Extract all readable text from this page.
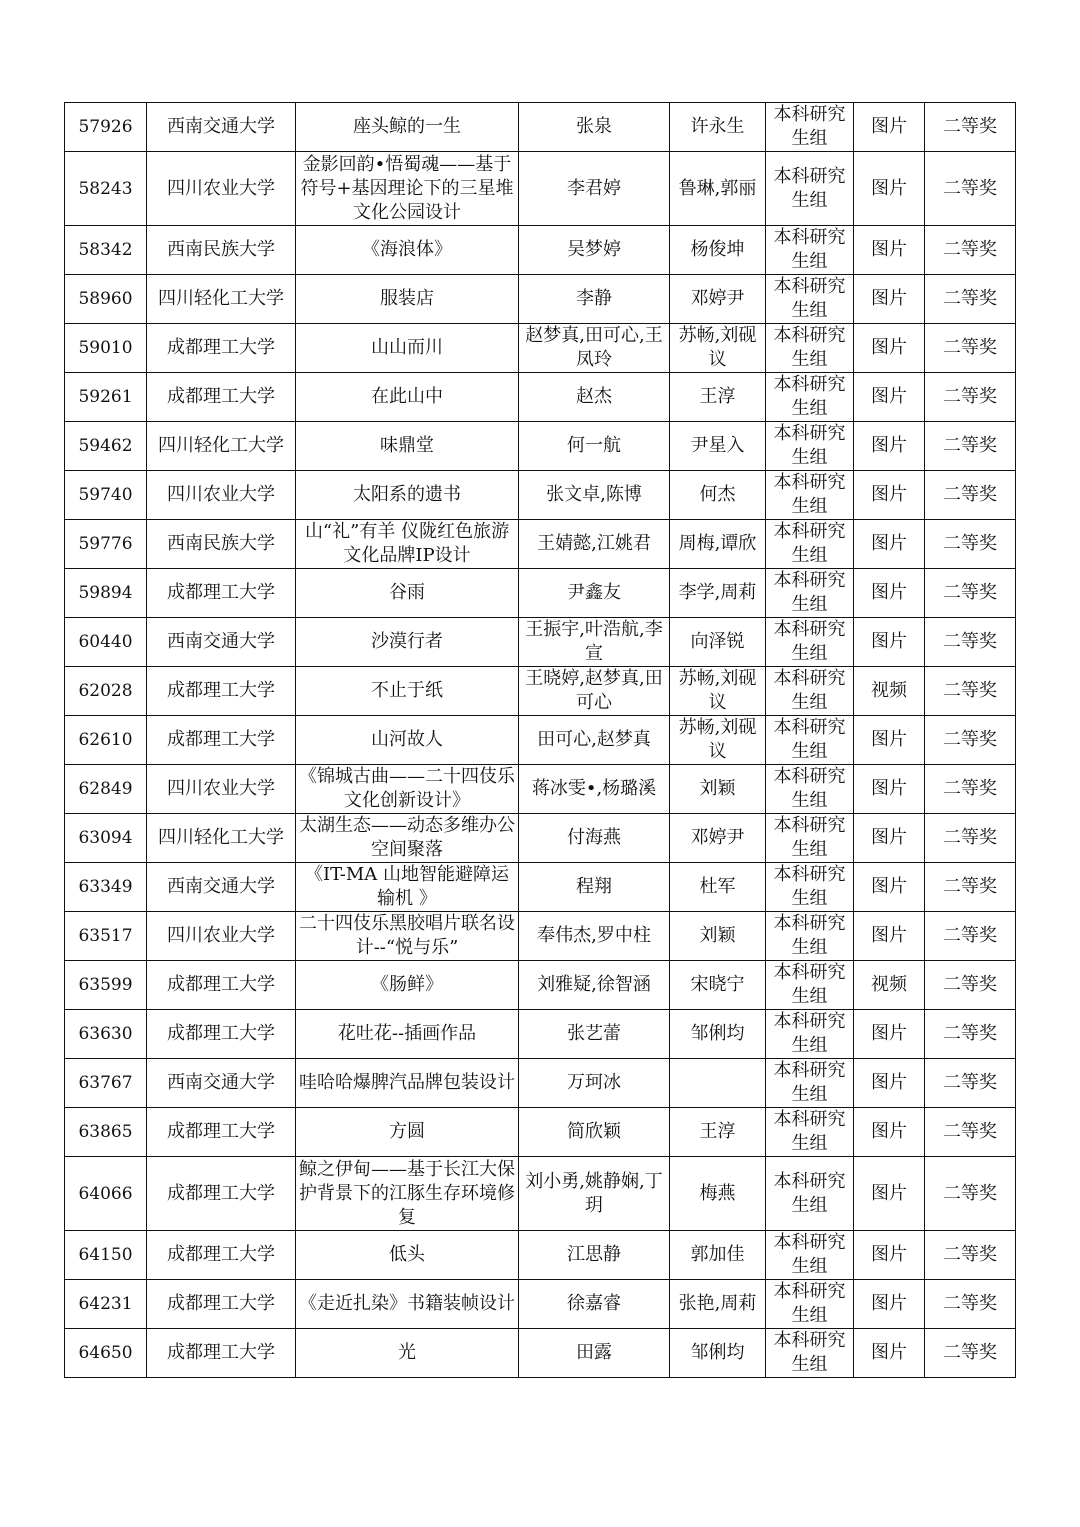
57926	西南交通大学	座头鲸的一生	张泉	许永生	本科研究生组	图片	二等奖
58243	四川农业大学	金影回韵•悟蜀魂——基于符号+基因理论下的三星堆文化公园设计	李君婷	鲁琳,郭丽	本科研究生组	图片	二等奖
58342	西南民族大学	《海浪体》	吴梦婷	杨俊坤	本科研究生组	图片	二等奖
58960	四川轻化工大学	服装店	李静	邓婷尹	本科研究生组	图片	二等奖
59010	成都理工大学	山山而川	赵梦真,田可心,王凤玲	苏畅,刘砚议	本科研究生组	图片	二等奖
59261	成都理工大学	在此山中	赵杰	王淳	本科研究生组	图片	二等奖
59462	四川轻化工大学	味鼎堂	何一航	尹星入	本科研究生组	图片	二等奖
59740	四川农业大学	太阳系的遗书	张文卓,陈博	何杰	本科研究生组	图片	二等奖
59776	西南民族大学	山“礼”有羊 仪陇红色旅游文化品牌IP设计	王婧懿,江姚君	周梅,谭欣	本科研究生组	图片	二等奖
59894	成都理工大学	谷雨	尹鑫友	李学,周莉	本科研究生组	图片	二等奖
60440	西南交通大学	沙漠行者	王振宇,叶浩航,李宣	向泽锐	本科研究生组	图片	二等奖
62028	成都理工大学	不止于纸	王晓婷,赵梦真,田可心	苏畅,刘砚议	本科研究生组	视频	二等奖
62610	成都理工大学	山河故人	田可心,赵梦真	苏畅,刘砚议	本科研究生组	图片	二等奖
62849	四川农业大学	《锦城古曲——二十四伎乐文化创新设计》	蒋冰雯•,杨璐溪	刘颖	本科研究生组	图片	二等奖
63094	四川轻化工大学	太湖生态——动态多维办公空间聚落	付海燕	邓婷尹	本科研究生组	图片	二等奖
63349	西南交通大学	《IT-MA 山地智能避障运输机 》	程翔	杜军	本科研究生组	图片	二等奖
63517	四川农业大学	二十四伎乐黑胶唱片联名设计--“悦与乐”	奉伟杰,罗中柱	刘颖	本科研究生组	图片	二等奖
63599	成都理工大学	《肠鲜》	刘雅疑,徐智涵	宋晓宁	本科研究生组	视频	二等奖
63630	成都理工大学	花吐花--插画作品	张艺蕾	邹俐均	本科研究生组	图片	二等奖
63767	西南交通大学	哇哈哈爆脾汽品牌包装设计	万珂冰		本科研究生组	图片	二等奖
63865	成都理工大学	方圆	简欣颖	王淳	本科研究生组	图片	二等奖
64066	成都理工大学	鲸之伊甸——基于长江大保护背景下的江豚生存环境修复	刘小勇,姚静娴,丁玥	梅燕	本科研究生组	图片	二等奖
64150	成都理工大学	低头	江思静	郭加佳	本科研究生组	图片	二等奖
64231	成都理工大学	《走近扎染》书籍装帧设计	徐嘉睿	张艳,周莉	本科研究生组	图片	二等奖
64650	成都理工大学	光	田露	邹俐均	本科研究生组	图片	二等奖
